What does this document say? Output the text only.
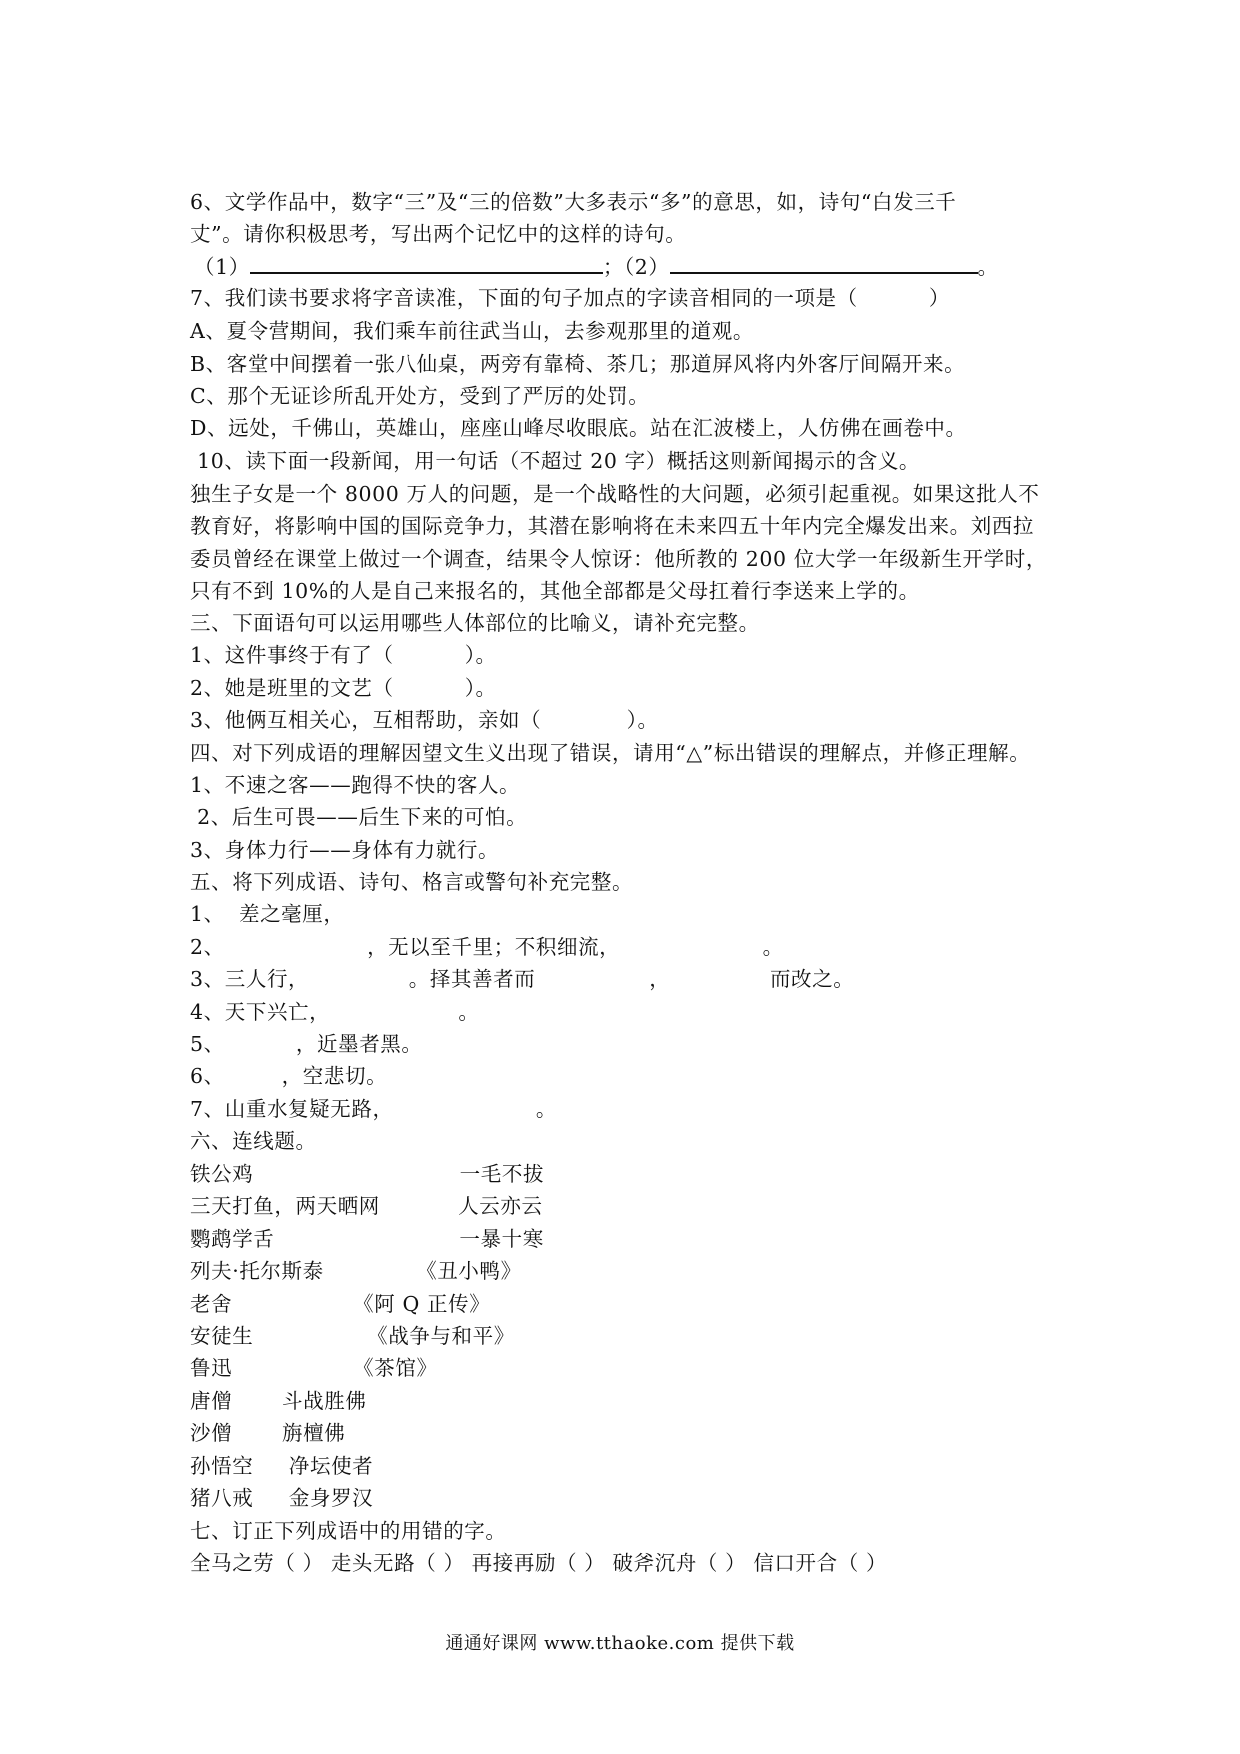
6、文学作品中，数字“三”及“三的倍数”大多表示“多”的意思，如，诗句“白发三千
丈”。请你积极思考，写出两个记忆中的这样的诗句。
（1）	；（2）	。
7、我们读书要求将字音读准，下面的句子加点的字读音相同的一项是（          ）
A、夏令营期间，我们乘车前往武当山，去参观那里的道观。
B、客堂中间摆着一张八仙桌，两旁有靠椅、茶几；那道屏风将内外客厅间隔开来。
C、那个无证诊所乱开处方，受到了严厉的处罚。
D、远处，千佛山，英雄山，座座山峰尽收眼底。站在汇波楼上，人仿佛在画卷中。
10、读下面一段新闻，用一句话（不超过 20 字）概括这则新闻揭示的含义。
独生子女是一个 8000 万人的问题，是一个战略性的大问题，必须引起重视。如果这批人不
教育好，将影响中国的国际竞争力，其潜在影响将在未来四五十年内完全爆发出来。刘西拉
委员曾经在课堂上做过一个调查，结果令人惊讶：他所教的 200 位大学一年级新生开学时，
只有不到 10%的人是自己来报名的，其他全部都是父母扛着行李送来上学的。
三、下面语句可以运用哪些人体部位的比喻义，请补充完整。
1、这件事终于有了（          ）。
2、她是班里的文艺（          ）。
3、他俩互相关心，互相帮助，亲如（            ）。
四、对下列成语的理解因望文生义出现了错误，请用“△”标出错误的理解点，并修正理解。
1、不速之客——跑得不快的客人。
2、后生可畏——后生下来的可怕。
3、身体力行——身体有力就行。
五、将下列成语、诗句、格言或警句补充完整。
1、  差之毫厘，
2、                    ，无以至千里；不积细流，                    。
3、三人行，              。择其善者而                ，              而改之。
4、天下兴亡，                  。
5、          ，近墨者黑。
6、        ，空悲切。
7、山重水复疑无路，                    。
六、连线题。
铁公鸡                             一毛不拔
三天打鱼，两天晒网           人云亦云
鹦鹉学舌                          一暴十寒
列夫·托尔斯泰             《丑小鸭》
老舍                 《阿 Q 正传》
安徒生                《战争与和平》
鲁迅                 《茶馆》
唐僧       斗战胜佛
沙僧       旃檀佛
孙悟空     净坛使者
猪八戒     金身罗汉
七、订正下列成语中的用错的字。
全马之劳（ ） 走头无路（ ） 再接再励（ ） 破斧沉舟（ ） 信口开合（ ）
通通好课网 www.tthaoke.com 提供下载
